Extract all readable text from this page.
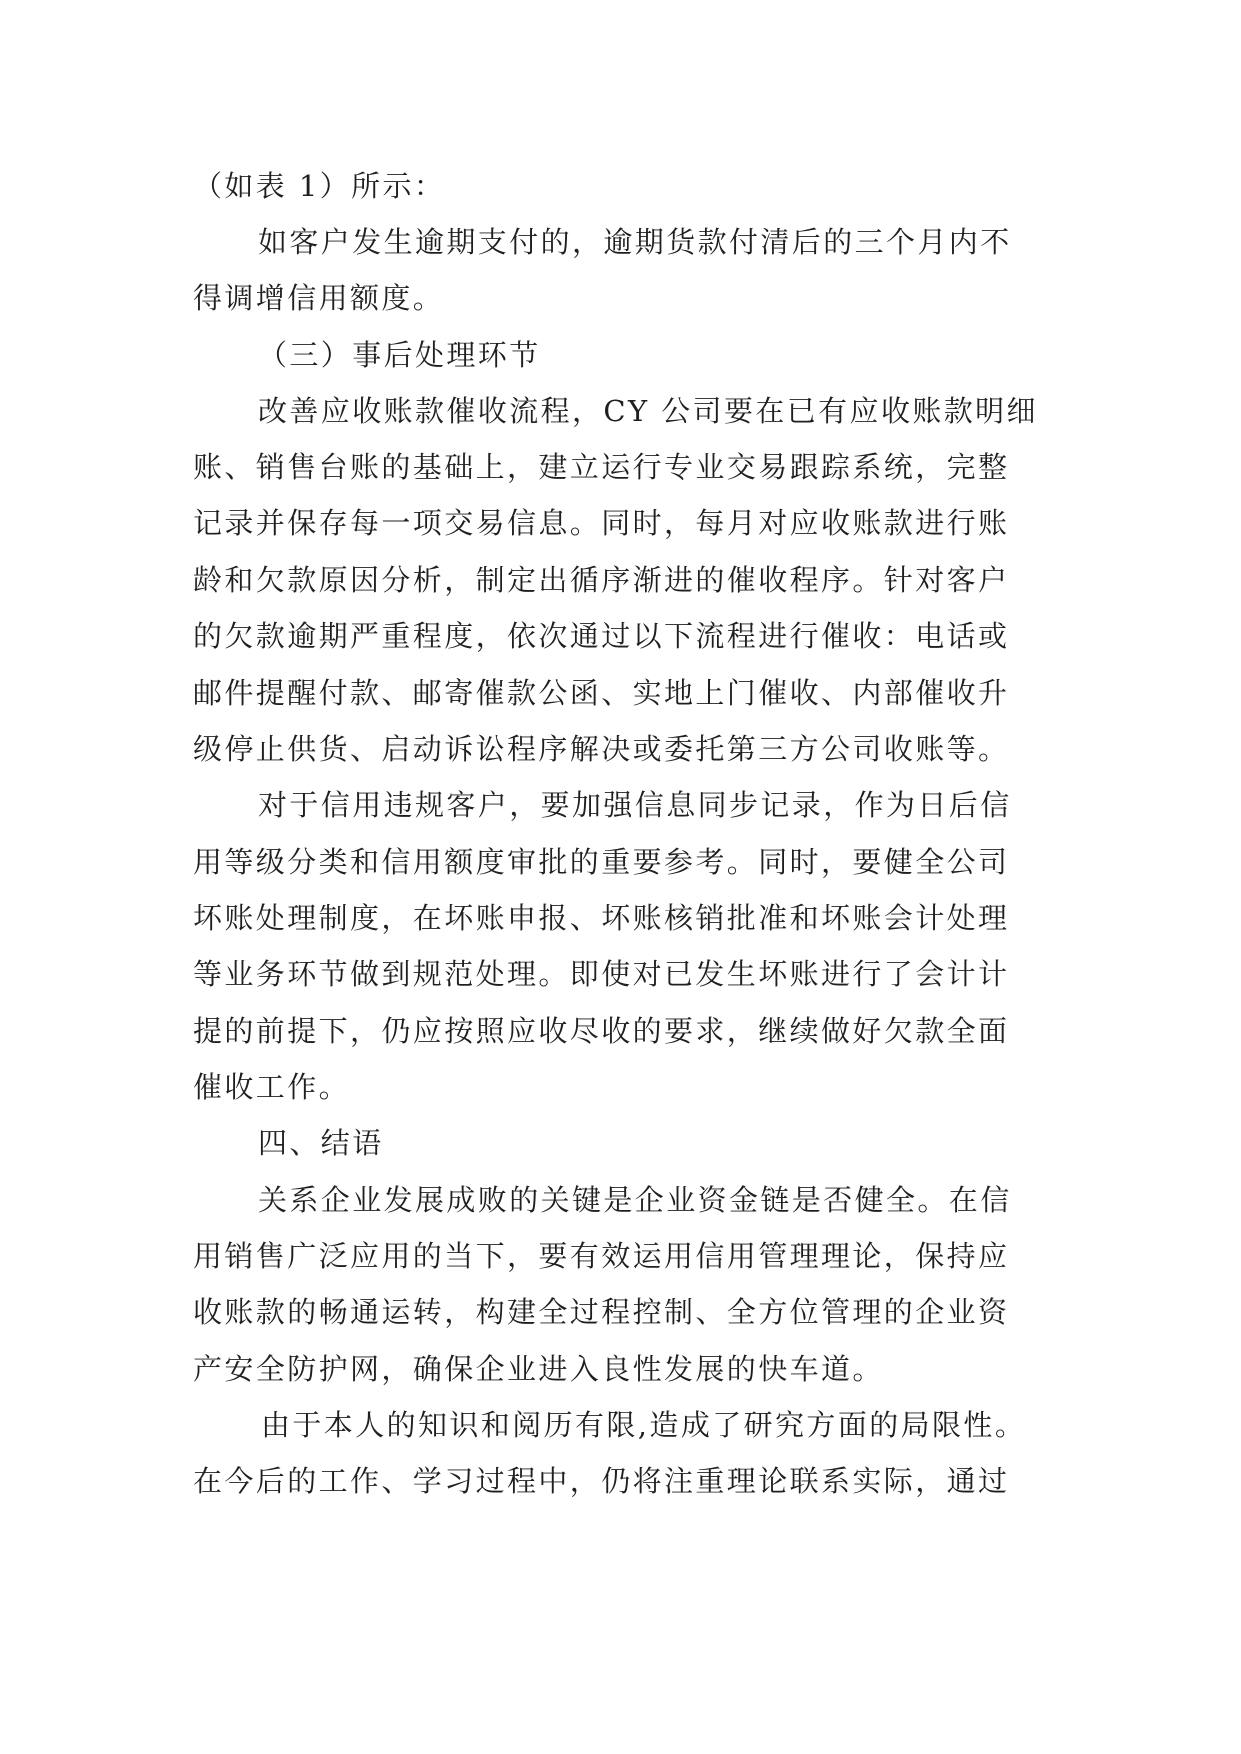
（如表 1）所示：
如客户发生逾期支付的，逾期货款付清后的三个月内不
得调增信用额度。
（三）事后处理环节
改善应收账款催收流程，CY 公司要在已有应收账款明细
账、销售台账的基础上，建立运行专业交易跟踪系统，完整
记录并保存每一项交易信息。同时，每月对应收账款进行账
龄和欠款原因分析，制定出循序渐进的催收程序。针对客户
的欠款逾期严重程度，依次通过以下流程进行催收：电话或
邮件提醒付款、邮寄催款公函、实地上门催收、内部催收升
级停止供货、启动诉讼程序解决或委托第三方公司收账等。
对于信用违规客户，要加强信息同步记录，作为日后信
用等级分类和信用额度审批的重要参考。同时，要健全公司
坏账处理制度，在坏账申报、坏账核销批准和坏账会计处理
等业务环节做到规范处理。即使对已发生坏账进行了会计计
提的前提下，仍应按照应收尽收的要求，继续做好欠款全面
催收工作。
四、结语
关系企业发展成败的关键是企业资金链是否健全。在信
用销售广泛应用的当下，要有效运用信用管理理论，保持应
收账款的畅通运转，构建全过程控制、全方位管理的企业资
产安全防护网，确保企业进入良性发展的快车道。
由于本人的知识和阅历有限,造成了研究方面的局限性。
在今后的工作、学习过程中，仍将注重理论联系实际，通过
